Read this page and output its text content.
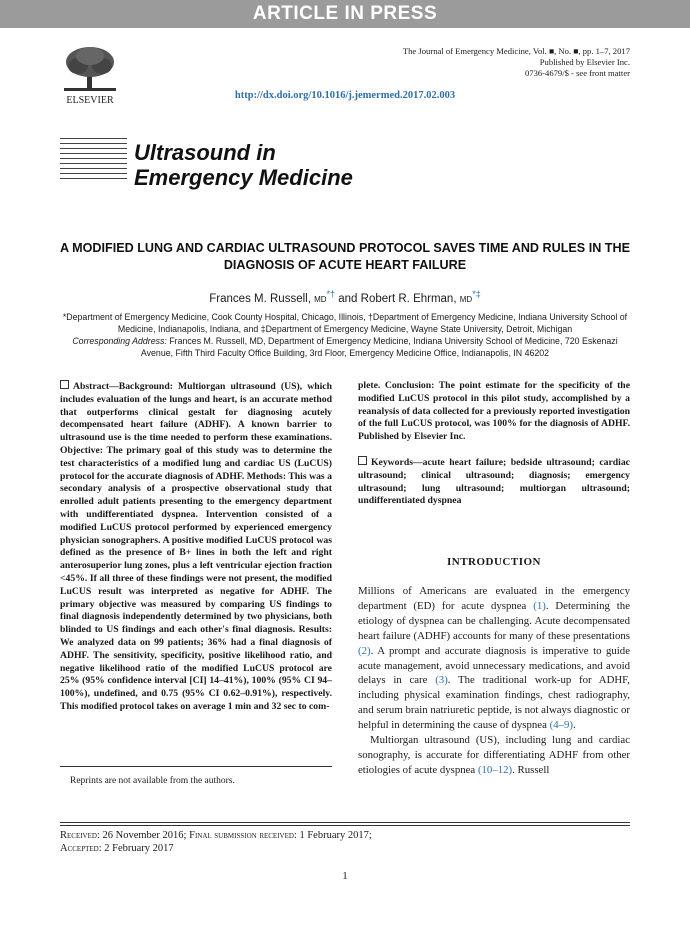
ARTICLE IN PRESS
ELSEVIER
The Journal of Emergency Medicine, Vol. ■, No. ■, pp. 1–7, 2017
Published by Elsevier Inc.
0736-4679/$ - see front matter
http://dx.doi.org/10.1016/j.jemermed.2017.02.003
Ultrasound in
Emergency Medicine
A MODIFIED LUNG AND CARDIAC ULTRASOUND PROTOCOL SAVES TIME AND RULES IN THE DIAGNOSIS OF ACUTE HEART FAILURE
Frances M. Russell, MD*† and Robert R. Ehrman, MD*‡

*Department of Emergency Medicine, Cook County Hospital, Chicago, Illinois, †Department of Emergency Medicine, Indiana University School of Medicine, Indianapolis, Indiana, and ‡Department of Emergency Medicine, Wayne State University, Detroit, Michigan

Corresponding Address: Frances M. Russell, MD, Department of Emergency Medicine, Indiana University School of Medicine, 720 Eskenazi Avenue, Fifth Third Faculty Office Building, 3rd Floor, Emergency Medicine Office, Indianapolis, IN 46202

Abstract—Background: Multiorgan ultrasound (US), which includes evaluation of the lungs and heart, is an accurate method that outperforms clinical gestalt for diagnosing acutely decompensated heart failure (ADHF). A known barrier to ultrasound use is the time needed to perform these examinations. Objective: The primary goal of this study was to determine the test characteristics of a modified lung and cardiac US (LuCUS) protocol for the accurate diagnosis of ADHF. Methods: This was a secondary analysis of a prospective observational study that enrolled adult patients presenting to the emergency department with undifferentiated dyspnea. Intervention consisted of a modified LuCUS protocol performed by experienced emergency physician sonographers. A positive modified LuCUS protocol was defined as the presence of B+ lines in both the left and right anterosuperior lung zones, plus a left ventricular ejection fraction <45%. If all three of these findings were not present, the modified LuCUS result was interpreted as negative for ADHF. The primary objective was measured by comparing US findings to final diagnosis independently determined by two physicians, both blinded to US findings and each other's final diagnosis. Results: We analyzed data on 99 patients; 36% had a final diagnosis of ADHF. The sensitivity, specificity, positive likelihood ratio, and negative likelihood ratio of the modified LuCUS protocol are 25% (95% confidence interval [CI] 14–41%), 100% (95% CI 94–100%), undefined, and 0.75 (95% CI 0.62–0.91%), respectively. This modified protocol takes on average 1 min and 32 sec to com-

plete. Conclusion: The point estimate for the specificity of the modified LuCUS protocol in this pilot study, accomplished by a reanalysis of data collected for a previously reported investigation of the full LuCUS protocol, was 100% for the diagnosis of ADHF. Published by Elsevier Inc.

Keywords—acute heart failure; bedside ultrasound; cardiac ultrasound; clinical ultrasound; diagnosis; emergency ultrasound; lung ultrasound; multiorgan ultrasound; undifferentiated dyspnea

INTRODUCTION

Millions of Americans are evaluated in the emergency department (ED) for acute dyspnea (1). Determining the etiology of dyspnea can be challenging. Acute decompensated heart failure (ADHF) accounts for many of these presentations (2). A prompt and accurate diagnosis is imperative to guide acute management, avoid unnecessary medications, and avoid delays in care (3). The traditional work-up for ADHF, including physical examination findings, chest radiography, and serum brain natriuretic peptide, is not always diagnostic or helpful in determining the cause of dyspnea (4–9).

Multiorgan ultrasound (US), including lung and cardiac sonography, is accurate for differentiating ADHF from other etiologies of acute dyspnea (10–12). Russell

Reprints are not available from the authors.
Received: 26 November 2016; Final submission received: 1 February 2017;
Accepted: 2 February 2017
1
